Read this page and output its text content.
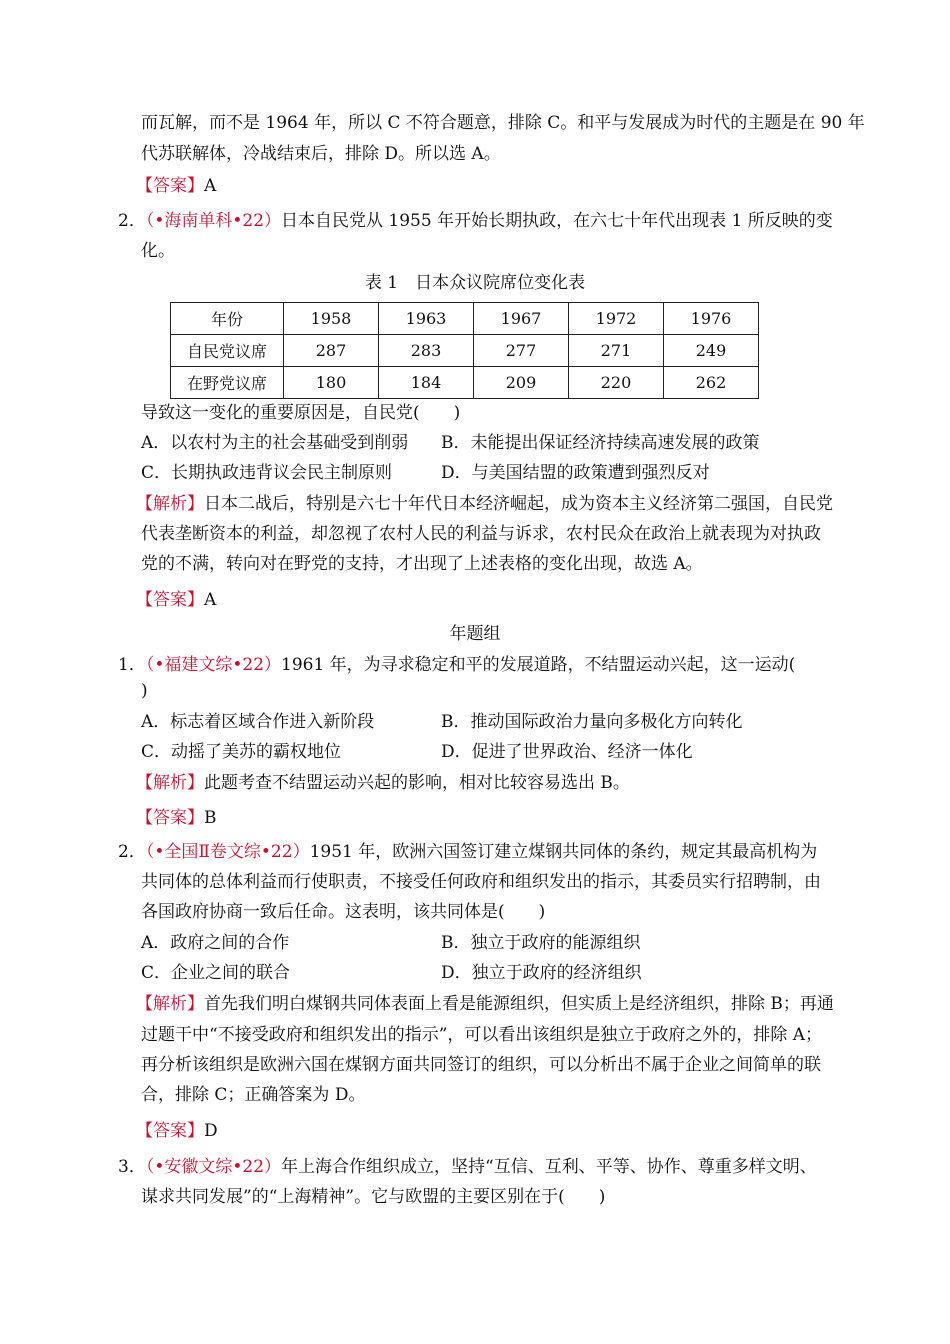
而瓦解，而不是 1964 年，所以 C 不符合题意，排除 C。和平与发展成为时代的主题是在 90 年
代苏联解体，冷战结束后，排除 D。所以选 A。
【答案】A
2．（•海南单科•22）日本自民党从 1955 年开始长期执政，在六七十年代出现表 1 所反映的变
化。
表 1　日本众议院席位变化表
年份	1958	1963	1967	1972	1976
自民党议席	287	283	277	271	249
在野党议席	180	184	209	220	262
导致这一变化的重要原因是，自民党(　　)
A．以农村为主的社会基础受到削弱 B．未能提出保证经济持续高速发展的政策
C．长期执政违背议会民主制原则	D．与美国结盟的政策遭到强烈反对
【解析】日本二战后，特别是六七十年代日本经济崛起，成为资本主义经济第二强国，自民党
代表垄断资本的利益，却忽视了农村人民的利益与诉求，农村民众在政治上就表现为对执政
党的不满，转向对在野党的支持，才出现了上述表格的变化出现，故选 A。
【答案】A
年题组
1．（•福建文综•22）1961 年，为寻求稳定和平的发展道路，不结盟运动兴起，这一运动(
)
A．标志着区域合作进入新阶段	B．推动国际政治力量向多极化方向转化
C．动摇了美苏的霸权地位	D．促进了世界政治、经济一体化
【解析】此题考查不结盟运动兴起的影响，相对比较容易选出 B。
【答案】B
2．（•全国Ⅱ卷文综•22）1951 年，欧洲六国签订建立煤钢共同体的条约，规定其最高机构为
共同体的总体利益而行使职责，不接受任何政府和组织发出的指示，其委员实行招聘制，由
各国政府协商一致后任命。这表明，该共同体是(　　)
A．政府之间的合作	B．独立于政府的能源组织
C．企业之间的联合	D．独立于政府的经济组织
【解析】首先我们明白煤钢共同体表面上看是能源组织，但实质上是经济组织，排除 B；再通
过题干中“不接受政府和组织发出的指示”，可以看出该组织是独立于政府之外的，排除 A；
再分析该组织是欧洲六国在煤钢方面共同签订的组织，可以分析出不属于企业之间简单的联
合，排除 C；正确答案为 D。
【答案】D
3．（•安徽文综•22）年上海合作组织成立，坚持“互信、互利、平等、协作、尊重多样文明、
谋求共同发展”的“上海精神”。它与欧盟的主要区别在于(　　)
